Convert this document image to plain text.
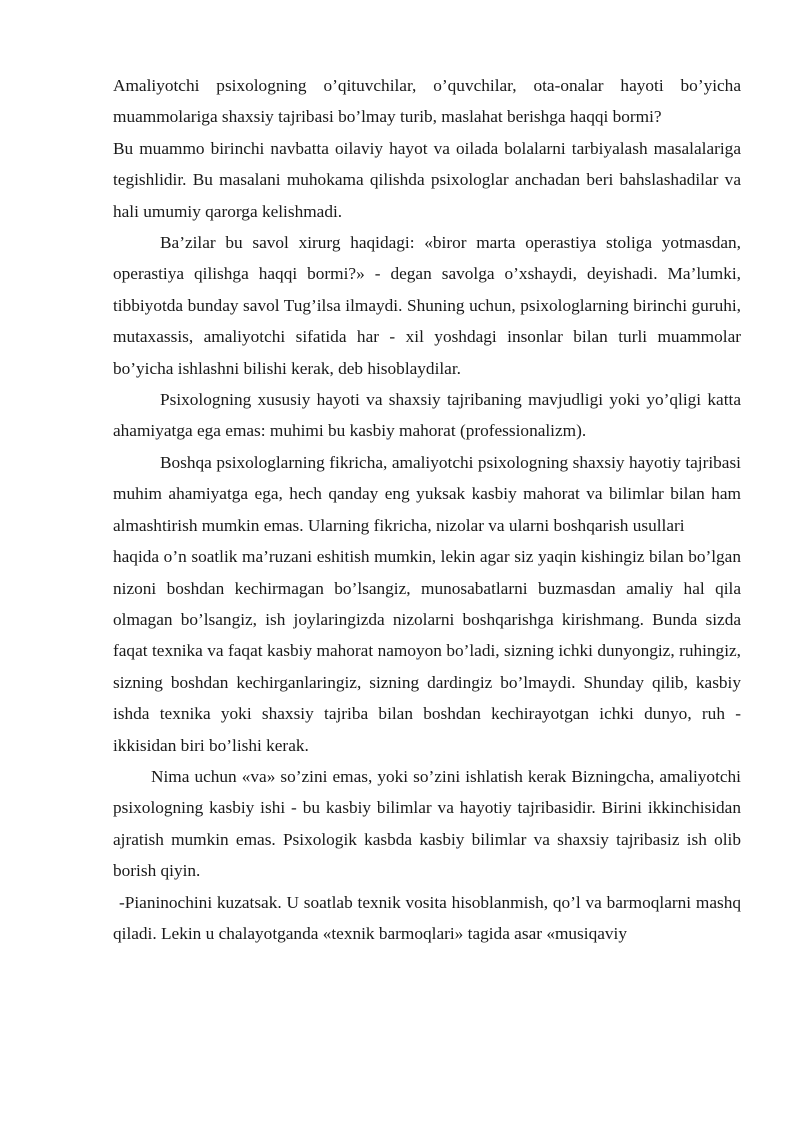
Amaliyotchi psixologning o’qituvchilar, o’quvchilar, ota-onalar hayoti bo’yicha muammolariga shaxsiy tajribasi bo’lmay turib, maslahat berishga haqqi bormi?

Bu muammo birinchi navbatta oilaviy hayot va oilada bolalarni tarbiyalash masalalariga tegishlidir. Bu masalani muhokama qilishda psixologlar anchadan beri bahslashadilar va hali umumiy qarorga kelishmadi.

Ba’zilar bu savol xirurg haqidagi: «biror marta operastiya stoliga yotmasdan, operastiya qilishga haqqi bormi?» - degan savolga o’xshaydi, deyishadi. Ma’lumki, tibbiyotda bunday savol Tug’ilsa ilmaydi. Shuning uchun, psixologlarning birinchi guruhi, mutaxassis, amaliyotchi sifatida har - xil yoshdagi insonlar bilan turli muammolar bo’yicha ishlashni bilishi kerak, deb hisoblaydilar.

Psixologning xususiy hayoti va shaxsiy tajribaning mavjudligi yoki yo’qligi katta ahamiyatga ega emas: muhimi bu kasbiy mahorat (professionalizm).

Boshqa psixologlarning fikricha, amaliyotchi psixologning shaxsiy hayotiy tajribasi muhim ahamiyatga ega, hech qanday eng yuksak kasbiy mahorat va bilimlar bilan ham almashtirish mumkin emas. Ularning fikricha, nizolar va ularni boshqarish usullari

haqida o’n soatlik ma’ruzani eshitish mumkin, lekin agar siz yaqin kishingiz bilan bo’lgan nizoni boshdan kechirmagan bo’lsangiz, munosabatlarni buzmasdan amaliy hal qila olmagan bo’lsangiz, ish joylaringizda nizolarni boshqarishga kirishmang. Bunda sizda faqat texnika va faqat kasbiy mahorat namoyon bo’ladi, sizning ichki dunyongiz, ruhingiz, sizning boshdan kechirganlaringiz, sizning dardingiz bo’lmaydi. Shunday qilib, kasbiy ishda texnika yoki shaxsiy tajriba bilan boshdan kechirayotgan ichki dunyo, ruh - ikkisidan biri bo’lishi kerak.

Nima uchun «va» so’zini emas, yoki so’zini ishlatish kerak Bizningcha, amaliyotchi psixologning kasbiy ishi - bu kasbiy bilimlar va hayotiy tajribasidir. Birini ikkinchisidan ajratish mumkin emas. Psixologik kasbda kasbiy bilimlar va shaxsiy tajribasiz ish olib borish qiyin.

-Pianinochini kuzatsak. U soatlab texnik vosita hisoblanmish, qo’l va barmoqlarni mashq qiladi. Lekin u chalayotganda «texnik barmoqlari» tagida asar «musiqaviy
